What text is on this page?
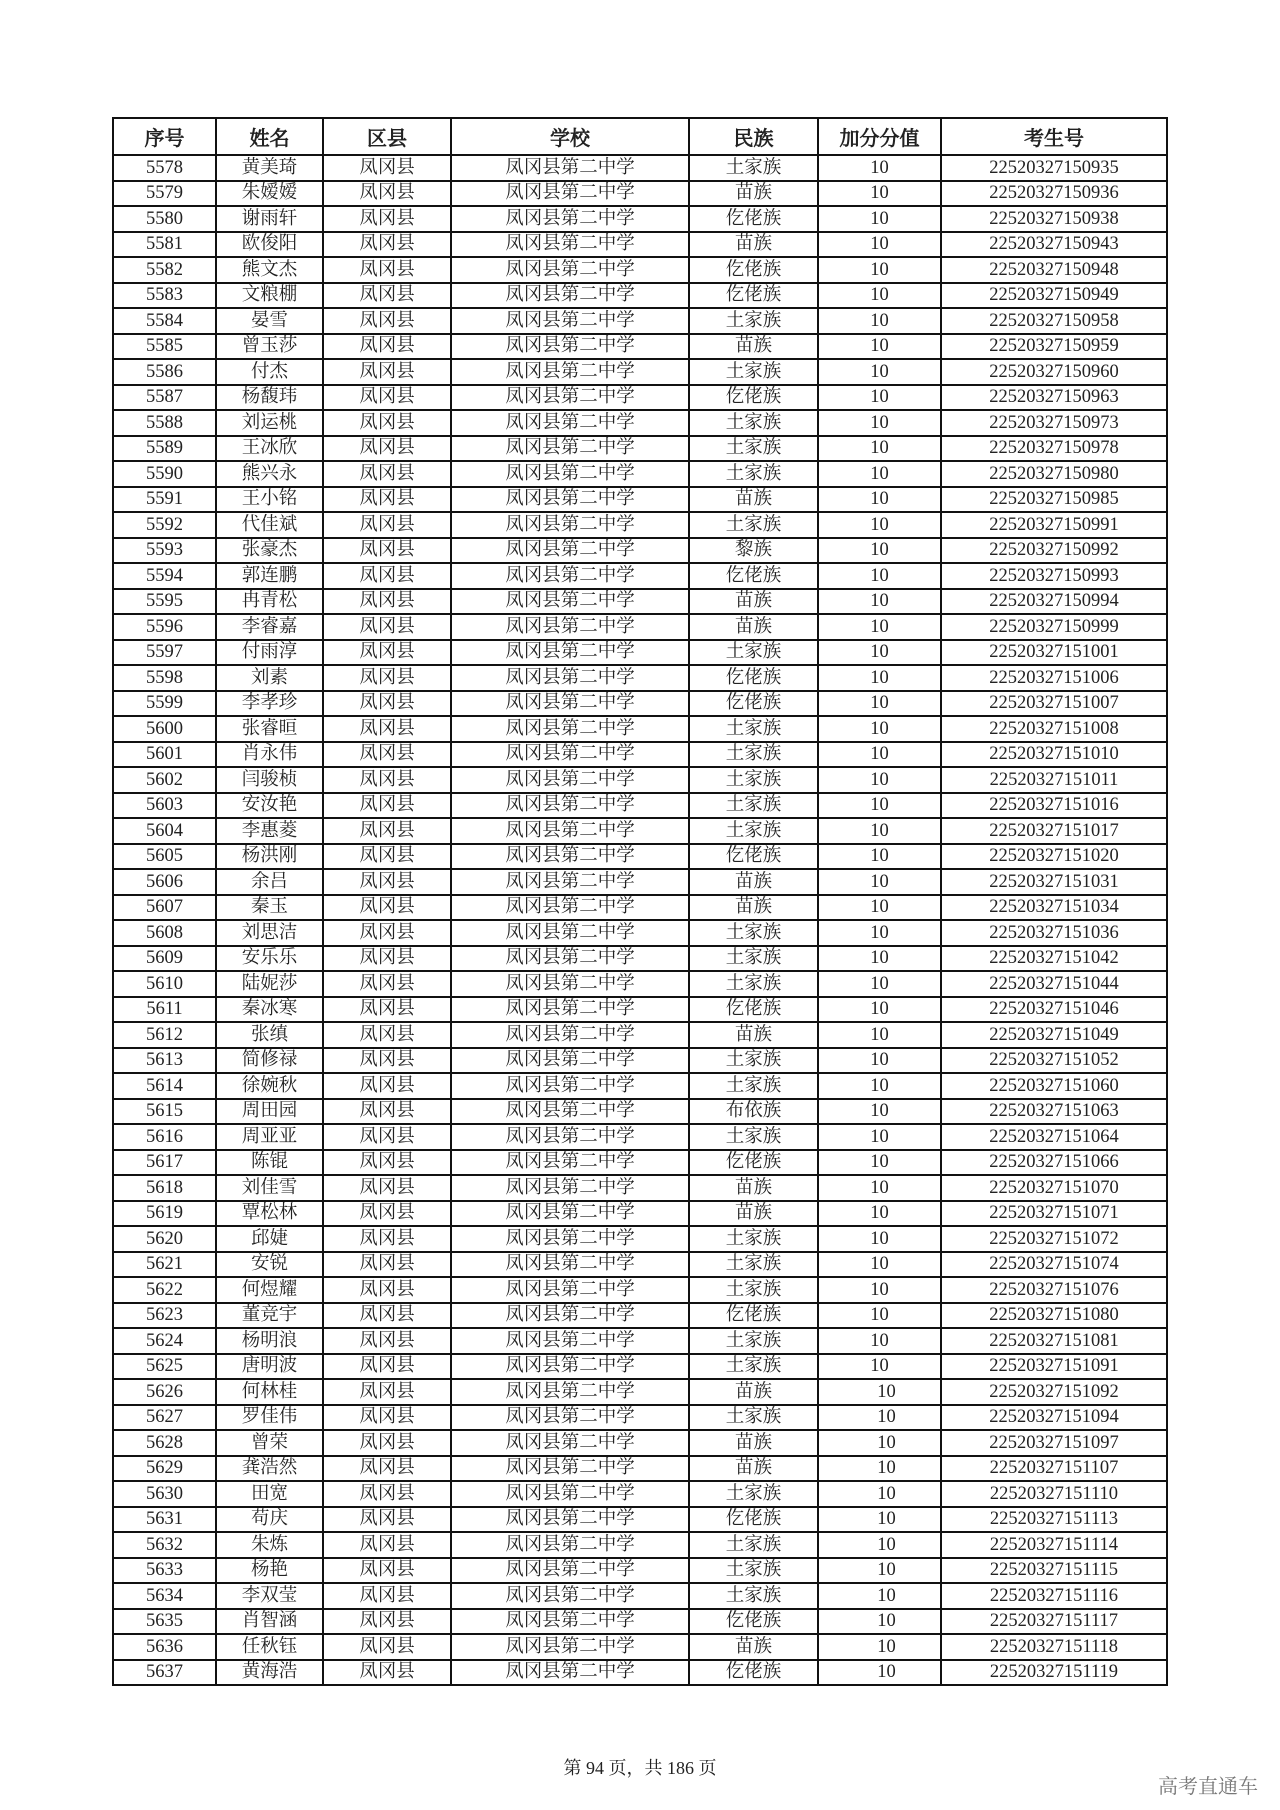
序号	姓名	区县	学校	民族	加分分值	考生号
5578	黄美琦	凤冈县	凤冈县第二中学	土家族	10	22520327150935
5579	朱嫒嫒	凤冈县	凤冈县第二中学	苗族	10	22520327150936
5580	谢雨轩	凤冈县	凤冈县第二中学	仡佬族	10	22520327150938
5581	欧俊阳	凤冈县	凤冈县第二中学	苗族	10	22520327150943
5582	熊文杰	凤冈县	凤冈县第二中学	仡佬族	10	22520327150948
5583	文粮棚	凤冈县	凤冈县第二中学	仡佬族	10	22520327150949
5584	晏雪	凤冈县	凤冈县第二中学	土家族	10	22520327150958
5585	曾玉莎	凤冈县	凤冈县第二中学	苗族	10	22520327150959
5586	付杰	凤冈县	凤冈县第二中学	土家族	10	22520327150960
5587	杨馥玮	凤冈县	凤冈县第二中学	仡佬族	10	22520327150963
5588	刘运桃	凤冈县	凤冈县第二中学	土家族	10	22520327150973
5589	王冰欣	凤冈县	凤冈县第二中学	土家族	10	22520327150978
5590	熊兴永	凤冈县	凤冈县第二中学	土家族	10	22520327150980
5591	王小铭	凤冈县	凤冈县第二中学	苗族	10	22520327150985
5592	代佳斌	凤冈县	凤冈县第二中学	土家族	10	22520327150991
5593	张豪杰	凤冈县	凤冈县第二中学	黎族	10	22520327150992
5594	郭连鹏	凤冈县	凤冈县第二中学	仡佬族	10	22520327150993
5595	冉青松	凤冈县	凤冈县第二中学	苗族	10	22520327150994
5596	李睿嘉	凤冈县	凤冈县第二中学	苗族	10	22520327150999
5597	付雨淳	凤冈县	凤冈县第二中学	土家族	10	22520327151001
5598	刘素	凤冈县	凤冈县第二中学	仡佬族	10	22520327151006
5599	李孝珍	凤冈县	凤冈县第二中学	仡佬族	10	22520327151007
5600	张睿晅	凤冈县	凤冈县第二中学	土家族	10	22520327151008
5601	肖永伟	凤冈县	凤冈县第二中学	土家族	10	22520327151010
5602	闫骏桢	凤冈县	凤冈县第二中学	土家族	10	22520327151011
5603	安汝艳	凤冈县	凤冈县第二中学	土家族	10	22520327151016
5604	李惠菱	凤冈县	凤冈县第二中学	土家族	10	22520327151017
5605	杨洪刚	凤冈县	凤冈县第二中学	仡佬族	10	22520327151020
5606	余吕	凤冈县	凤冈县第二中学	苗族	10	22520327151031
5607	秦玉	凤冈县	凤冈县第二中学	苗族	10	22520327151034
5608	刘思洁	凤冈县	凤冈县第二中学	土家族	10	22520327151036
5609	安乐乐	凤冈县	凤冈县第二中学	土家族	10	22520327151042
5610	陆妮莎	凤冈县	凤冈县第二中学	土家族	10	22520327151044
5611	秦冰寒	凤冈县	凤冈县第二中学	仡佬族	10	22520327151046
5612	张缜	凤冈县	凤冈县第二中学	苗族	10	22520327151049
5613	简修禄	凤冈县	凤冈县第二中学	土家族	10	22520327151052
5614	徐婉秋	凤冈县	凤冈县第二中学	土家族	10	22520327151060
5615	周田园	凤冈县	凤冈县第二中学	布依族	10	22520327151063
5616	周亚亚	凤冈县	凤冈县第二中学	土家族	10	22520327151064
5617	陈锟	凤冈县	凤冈县第二中学	仡佬族	10	22520327151066
5618	刘佳雪	凤冈县	凤冈县第二中学	苗族	10	22520327151070
5619	覃松林	凤冈县	凤冈县第二中学	苗族	10	22520327151071
5620	邱婕	凤冈县	凤冈县第二中学	土家族	10	22520327151072
5621	安锐	凤冈县	凤冈县第二中学	土家族	10	22520327151074
5622	何煜耀	凤冈县	凤冈县第二中学	土家族	10	22520327151076
5623	董竞宇	凤冈县	凤冈县第二中学	仡佬族	10	22520327151080
5624	杨明浪	凤冈县	凤冈县第二中学	土家族	10	22520327151081
5625	唐明波	凤冈县	凤冈县第二中学	土家族	10	22520327151091
5626	何林桂	凤冈县	凤冈县第二中学	苗族	10	22520327151092
5627	罗佳伟	凤冈县	凤冈县第二中学	土家族	10	22520327151094
5628	曾荣	凤冈县	凤冈县第二中学	苗族	10	22520327151097
5629	龚浩然	凤冈县	凤冈县第二中学	苗族	10	22520327151107
5630	田宽	凤冈县	凤冈县第二中学	土家族	10	22520327151110
5631	苟庆	凤冈县	凤冈县第二中学	仡佬族	10	22520327151113
5632	朱炼	凤冈县	凤冈县第二中学	土家族	10	22520327151114
5633	杨艳	凤冈县	凤冈县第二中学	土家族	10	22520327151115
5634	李双莹	凤冈县	凤冈县第二中学	土家族	10	22520327151116
5635	肖智涵	凤冈县	凤冈县第二中学	仡佬族	10	22520327151117
5636	任秋钰	凤冈县	凤冈县第二中学	苗族	10	22520327151118
5637	黄海浩	凤冈县	凤冈县第二中学	仡佬族	10	22520327151119
第 94 页，共 186 页
高考直通车
